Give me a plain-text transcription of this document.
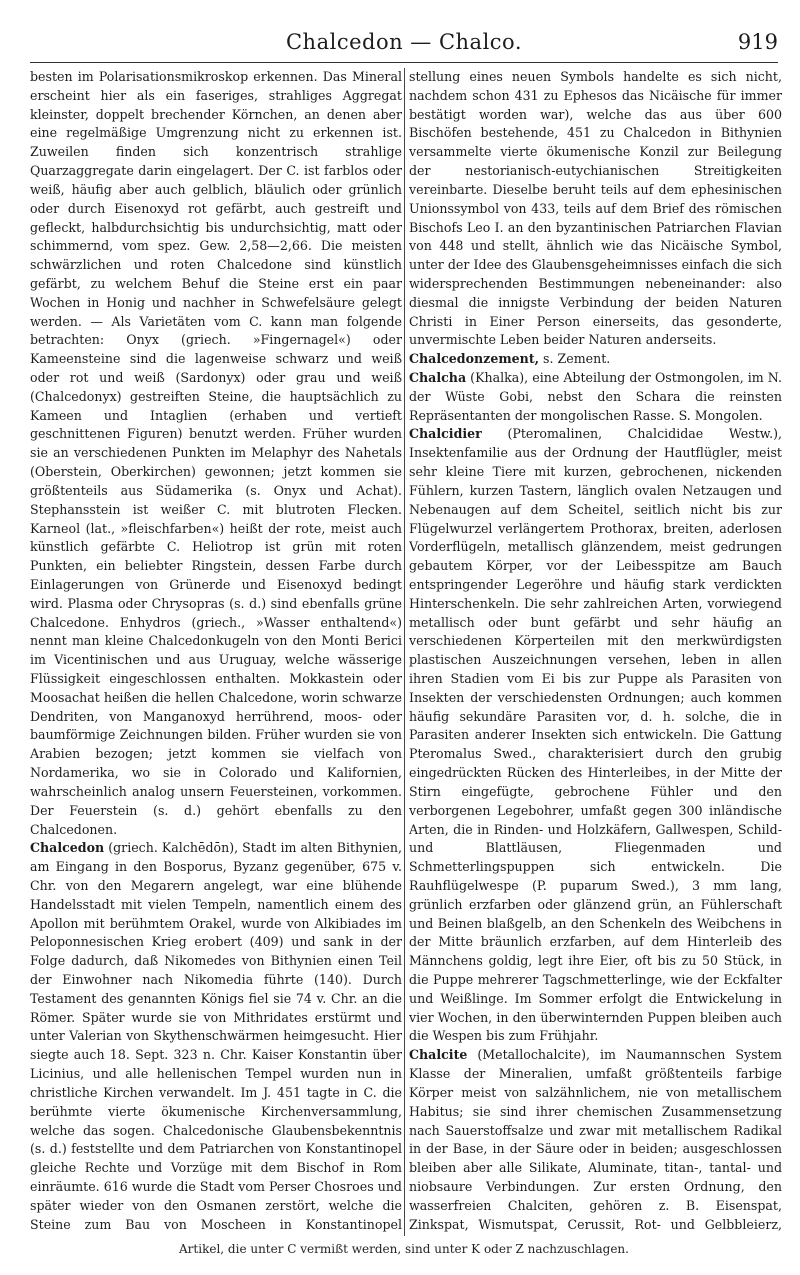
Chalcedon — Chalco.	919

besten im Polarisationsmikroskop erkennen. Das Mineral erscheint hier als ein faseriges, strahliges Aggregat kleinster, doppelt brechender Körnchen, an denen aber eine regelmäßige Umgrenzung nicht zu erkennen ist. Zuweilen finden sich konzentrisch strahlige Quarzaggregate darin eingelagert. Der C. ist farblos oder weiß, häufig aber auch gelblich, bläulich oder grünlich oder durch Eisenoxyd rot gefärbt, auch gestreift und gefleckt, halbdurchsichtig bis undurchsichtig, matt oder schimmernd, vom spez. Gew. 2,58—2,66. Die meisten schwärzlichen und roten Chalcedone sind künstlich gefärbt, zu welchem Behuf die Steine erst ein paar Wochen in Honig und nachher in Schwefelsäure gelegt werden. — Als Varietäten vom C. kann man folgende betrachten: Onyx (griech. »Fingernagel«) oder Kameensteine sind die lagenweise schwarz und weiß oder rot und weiß (Sardonyx) oder grau und weiß (Chalcedonyx) gestreiften Steine, die hauptsächlich zu Kameen und Intaglien (erhaben und vertieft geschnittenen Figuren) benutzt werden. Früher wurden sie an verschiedenen Punkten im Melaphyr des Nahetals (Oberstein, Oberkirchen) gewonnen; jetzt kommen sie größtenteils aus Südamerika (s. Onyx und Achat). Stephansstein ist weißer C. mit blutroten Flecken. Karneol (lat., »fleischfarben«) heißt der rote, meist auch künstlich gefärbte C. Heliotrop ist grün mit roten Punkten, ein beliebter Ringstein, dessen Farbe durch Einlagerungen von Grünerde und Eisenoxyd bedingt wird. Plasma oder Chrysopras (s. d.) sind ebenfalls grüne Chalcedone. Enhydros (griech., »Wasser enthaltend«) nennt man kleine Chalcedonkugeln von den Monti Berici im Vicentinischen und aus Uruguay, welche wässerige Flüssigkeit eingeschlossen enthalten. Mokkastein oder Moosachat heißen die hellen Chalcedone, worin schwarze Dendriten, von Manganoxyd herrührend, moos- oder baumförmige Zeichnungen bilden. Früher wurden sie von Arabien bezogen; jetzt kommen sie vielfach von Nordamerika, wo sie in Colorado und Kalifornien, wahrscheinlich analog unsern Feuersteinen, vorkommen. Der Feuerstein (s. d.) gehört ebenfalls zu den Chalcedonen.

Chalcedon (griech. Kalchēdōn), Stadt im alten Bithynien, am Eingang in den Bosporus, Byzanz gegenüber, 675 v. Chr. von den Megarern angelegt, war eine blühende Handelsstadt mit vielen Tempeln, namentlich einem des Apollon mit berühmtem Orakel, wurde von Alkibiades im Peloponnesischen Krieg erobert (409) und sank in der Folge dadurch, daß Nikomedes von Bithynien einen Teil der Einwohner nach Nikomedia führte (140). Durch Testament des genannten Königs fiel sie 74 v. Chr. an die Römer. Später wurde sie von Mithridates erstürmt und unter Valerian von Skythenschwärmen heimgesucht. Hier siegte auch 18. Sept. 323 n. Chr. Kaiser Konstantin über Licinius, und alle hellenischen Tempel wurden nun in christliche Kirchen verwandelt. Im J. 451 tagte in C. die berühmte vierte ökumenische Kirchenversammlung, welche das sogen. Chalcedonische Glaubensbekenntnis (s. d.) feststellte und dem Patriarchen von Konstantinopel gleiche Rechte und Vorzüge mit dem Bischof in Rom einräumte. 616 wurde die Stadt vom Perser Chosroes und später wieder von den Osmanen zerstört, welche die Steine zum Bau von Moscheen in Konstantinopel

stellung eines neuen Symbols handelte es sich nicht, nachdem schon 431 zu Ephesos das Nicäische für immer bestätigt worden war), welche das aus über 600 Bischöfen bestehende, 451 zu Chalcedon in Bithynien versammelte vierte ökumenische Konzil zur Beilegung der nestorianisch-eutychianischen Streitigkeiten vereinbarte. Dieselbe beruht teils auf dem ephesinischen Unionssymbol von 433, teils auf dem Brief des römischen Bischofs Leo I. an den byzantinischen Patriarchen Flavian von 448 und stellt, ähnlich wie das Nicäische Symbol, unter der Idee des Glaubensgeheimnisses einfach die sich widersprechenden Bestimmungen nebeneinander: also diesmal die innigste Verbindung der beiden Naturen Christi in Einer Person einerseits, das gesonderte, unvermischte Leben beider Naturen anderseits.

Chalcedonzement, s. Zement.

Chalcha (Khalka), eine Abteilung der Ostmongolen, im N. der Wüste Gobi, nebst den Schara die reinsten Repräsentanten der mongolischen Rasse. S. Mongolen.

Chalcidier (Pteromalinen, Chalcididae Westw.), Insektenfamilie aus der Ordnung der Hautflügler, meist sehr kleine Tiere mit kurzen, gebrochenen, nickenden Fühlern, kurzen Tastern, länglich ovalen Netzaugen und Nebenaugen auf dem Scheitel, seitlich nicht bis zur Flügelwurzel verlängertem Prothorax, breiten, aderlosen Vorderflügeln, metallisch glänzendem, meist gedrungen gebautem Körper, vor der Leibesspitze am Bauch entspringender Legeröhre und häufig stark verdickten Hinterschenkeln. Die sehr zahlreichen Arten, vorwiegend metallisch oder bunt gefärbt und sehr häufig an verschiedenen Körperteilen mit den merkwürdigsten plastischen Auszeichnungen versehen, leben in allen ihren Stadien vom Ei bis zur Puppe als Parasiten von Insekten der verschiedensten Ordnungen; auch kommen häufig sekundäre Parasiten vor, d. h. solche, die in Parasiten anderer Insekten sich entwickeln. Die Gattung Pteromalus Swed., charakterisiert durch den grubig eingedrückten Rücken des Hinterleibes, in der Mitte der Stirn eingefügte, gebrochene Fühler und den verborgenen Legebohrer, umfaßt gegen 300 inländische Arten, die in Rinden- und Holzkäfern, Gallwespen, Schild- und Blattläusen, Fliegenmaden und Schmetterlingspuppen sich entwickeln. Die Rauhflügelwespe (P. puparum Swed.), 3 mm lang, grünlich erzfarben oder glänzend grün, an Fühlerschaft und Beinen blaßgelb, an den Schenkeln des Weibchens in der Mitte bräunlich erzfarben, auf dem Hinterleib des Männchens goldig, legt ihre Eier, oft bis zu 50 Stück, in die Puppe mehrerer Tagschmetterlinge, wie der Eckfalter und Weißlinge. Im Sommer erfolgt die Entwickelung in vier Wochen, in den überwinternden Puppen bleiben auch die Wespen bis zum Frühjahr.

Chalcite (Metallochalcite), im Naumannschen System Klasse der Mineralien, umfaßt größtenteils farbige Körper meist von salzähnlichem, nie von metallischem Habitus; sie sind ihrer chemischen Zusammensetzung nach Sauerstoffsalze und zwar mit metallischem Radikal in der Base, in der Säure oder in beiden; ausgeschlossen bleiben aber alle Silikate, Aluminate, titan-, tantal- und niobsaure Verbindungen. Zur ersten Ordnung, den wasserfreien Chalciten, gehören z. B. Eisenspat, Zinkspat, Wismutspat, Cerussit, Rot- und Gelbbleierz,

Artikel, die unter C vermißt werden, sind unter K oder Z nachzuschlagen.
